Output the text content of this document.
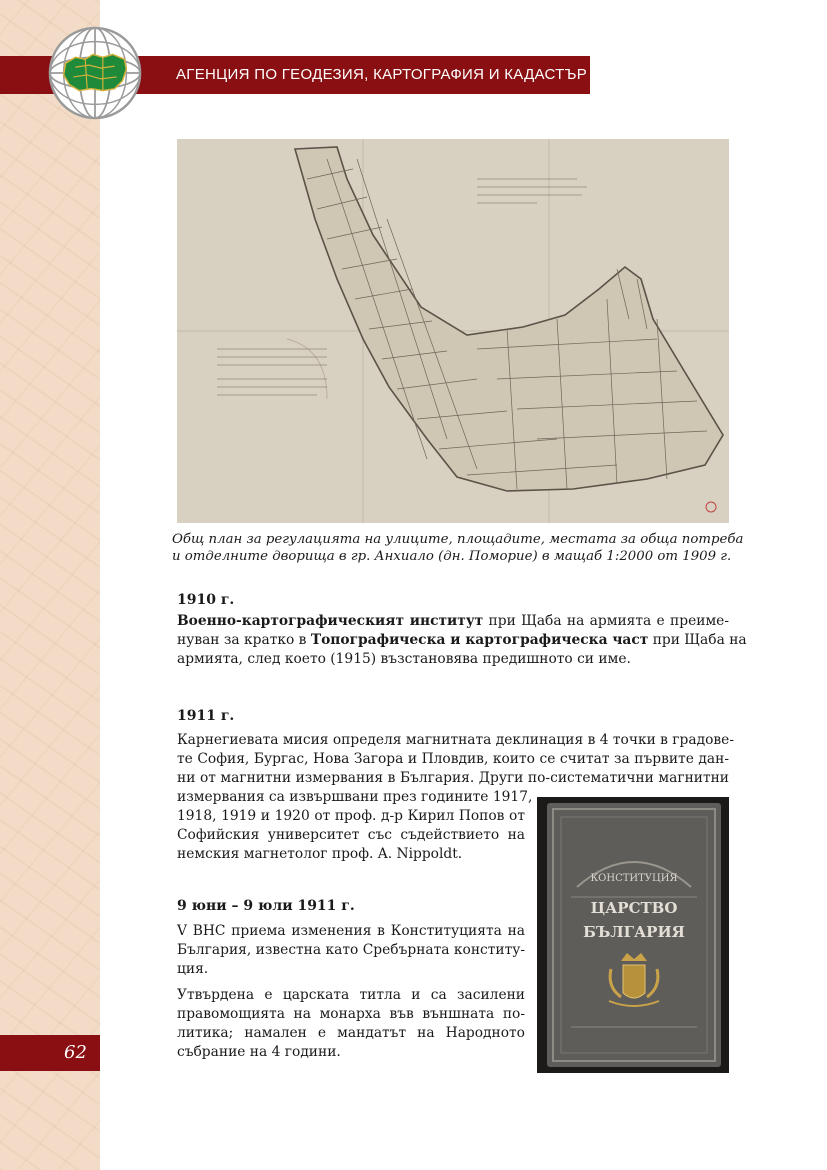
АГЕНЦИЯ ПО ГЕОДЕЗИЯ, КАРТОГРАФИЯ И КАДАСТЪР
Общ план за регулацията на улиците, площадите, местата за обща потреба
и отделните дворища в гр. Анхиало (дн. Поморие) в мащаб 1:2000 от 1909 г.
1910 г.
Военно-картографическият институт при Щаба на армията е преиме-
нуван за кратко в Топографическа и картографическа част при Щаба на
армията, след което (1915) възстановява предишното си име.
1911 г.
Карнегиевата мисия определя магнитната деклинация в 4 точки в градове-
те София, Бургас, Нова Загора и Пловдив, които се считат за първите дан-
ни от магнитни измервания в България. Други по-систематични магнитни
измервания са извършвани през годините 1917,
1918, 1919 и 1920 от проф. д-р Кирил Попов от
Софийския университет със съдействието на
немския магнетолог проф. A. Nippoldt.
9 юни – 9 юли 1911 г.
V ВНС приема изменения в Конституцията на
България, известна като Сребърната конститу-
ция.
Утвърдена е царската титла и са засилени
правомощията на монарха във външната по-
литика; намален е мандатът на Народното
събрание на 4 години.
КОНСТИТУЦИЯ
ЦАРСТВО
БЪЛГАРИЯ
62
